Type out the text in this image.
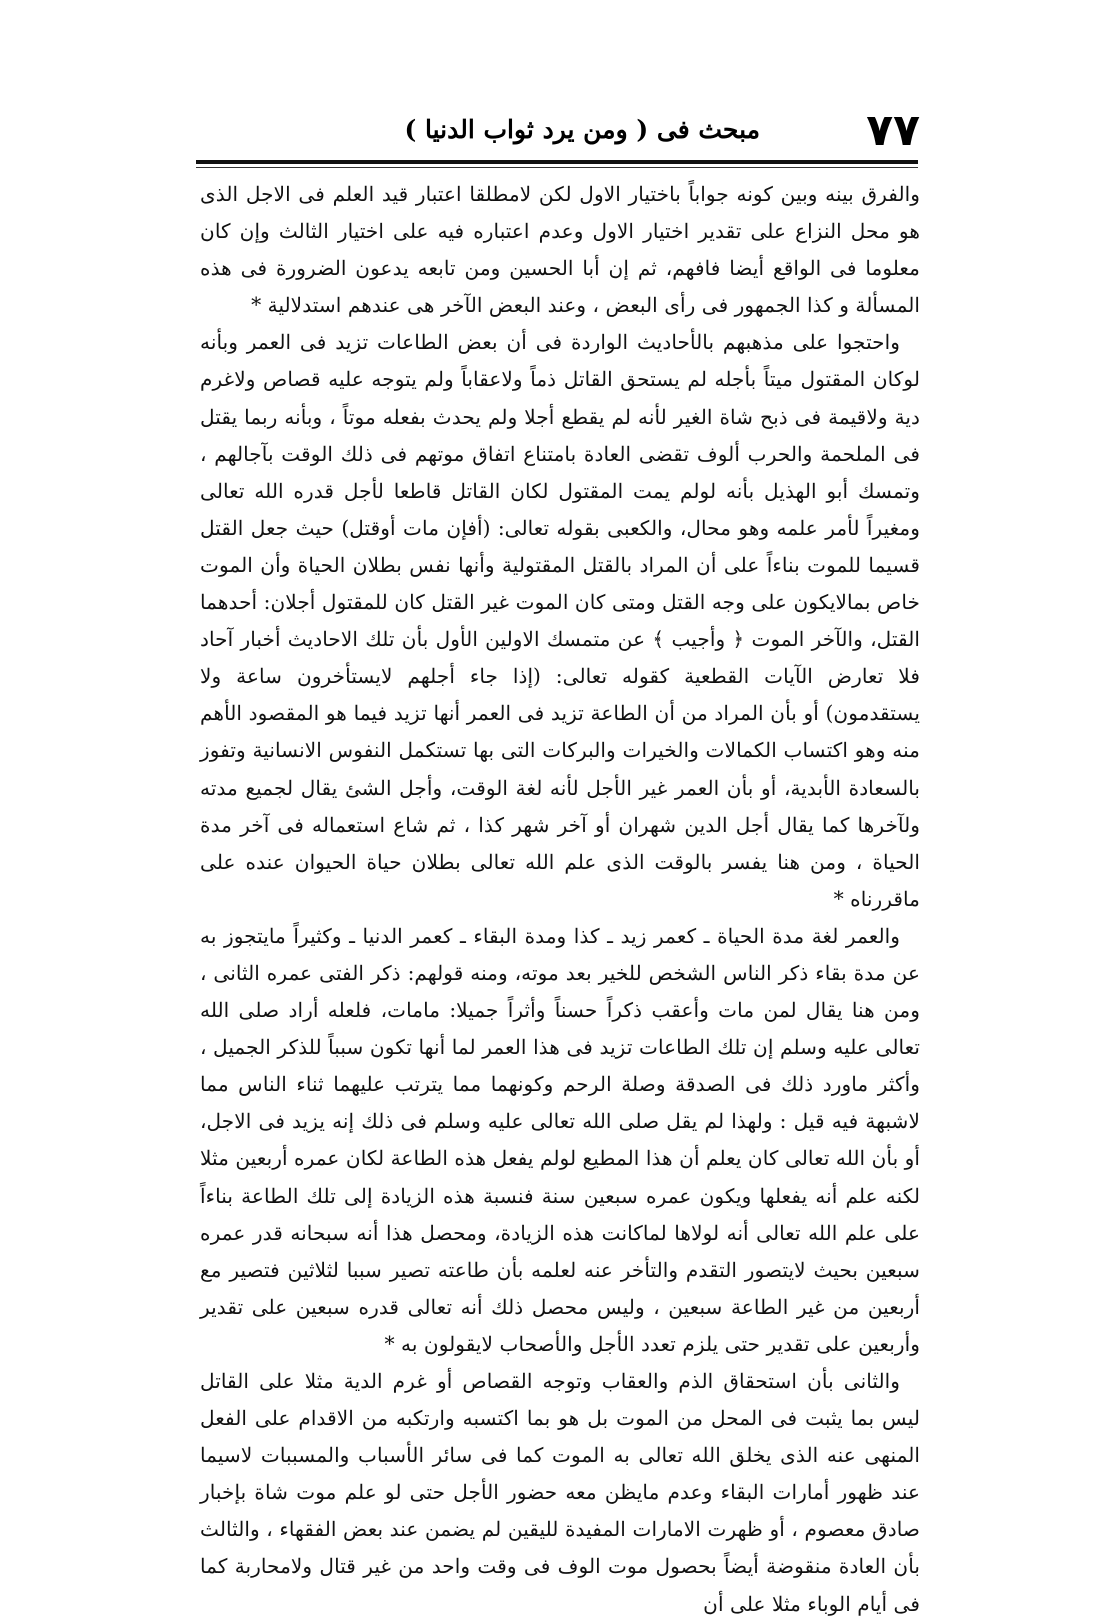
٧٧
مبحث فى ( ومن يرد ثواب الدنيا )

والفرق بينه وبين كونه جواباً باختيار الاول لكن لامطلقا اعتبار قيد العلم فى الاجل الذى هو محل النزاع على تقدير اختيار الاول وعدم اعتباره فيه على اختيار الثالث وإن كان معلوما فى الواقع أيضا فافهم، ثم إن أبا الحسين ومن تابعه يدعون الضرورة فى هذه المسألة و كذا الجمهور فى رأى البعض ، وعند البعض الآخر هى عندهم استدلالية *

واحتجوا على مذهبهم بالأحاديث الواردة فى أن بعض الطاعات تزيد فى العمر وبأنه لوكان المقتول ميتاً بأجله لم يستحق القاتل ذماً ولاعقاباً ولم يتوجه عليه قصاص ولاغرم دية ولاقيمة فى ذبح شاة الغير لأنه لم يقطع أجلا ولم يحدث بفعله موتاً ، وبأنه ربما يقتل فى الملحمة والحرب ألوف تقضى العادة بامتناع اتفاق موتهم فى ذلك الوقت بآجالهم ، وتمسك أبو الهذيل بأنه لولم يمت المقتول لكان القاتل قاطعا لأجل قدره الله تعالى ومغيراً لأمر علمه وهو محال، والكعبى بقوله تعالى: (أفإن مات أوقتل) حيث جعل القتل قسيما للموت بناءاً على أن المراد بالقتل المقتولية وأنها نفس بطلان الحياة وأن الموت خاص بمالايكون على وجه القتل ومتى كان الموت غير القتل كان للمقتول أجلان: أحدهما القتل، والآخر الموت ﴿ وأجيب ﴾ عن متمسك الاولين الأول بأن تلك الاحاديث أخبار آحاد فلا تعارض الآيات القطعية كقوله تعالى: (إذا جاء أجلهم لايستأخرون ساعة ولا يستقدمون) أو بأن المراد من أن الطاعة تزيد فى العمر أنها تزيد فيما هو المقصود الأهم منه وهو اكتساب الكمالات والخيرات والبركات التى بها تستكمل النفوس الانسانية وتفوز بالسعادة الأبدية، أو بأن العمر غير الأجل لأنه لغة الوقت، وأجل الشئ يقال لجميع مدته ولآخرها كما يقال أجل الدين شهران أو آخر شهر كذا ، ثم شاع استعماله فى آخر مدة الحياة ، ومن هنا يفسر بالوقت الذى علم الله تعالى بطلان حياة الحيوان عنده على ماقررناه *

والعمر لغة مدة الحياة ـ كعمر زيد ـ كذا ومدة البقاء ـ كعمر الدنيا ـ وكثيراً مايتجوز به عن مدة بقاء ذكر الناس الشخص للخير بعد موته، ومنه قولهم: ذكر الفتى عمره الثانى ، ومن هنا يقال لمن مات وأعقب ذكراً حسناً وأثراً جميلا: مامات، فلعله أراد صلى الله تعالى عليه وسلم إن تلك الطاعات تزيد فى هذا العمر لما أنها تكون سبباً للذكر الجميل ، وأكثر ماورد ذلك فى الصدقة وصلة الرحم وكونهما مما يترتب عليهما ثناء الناس مما لاشبهة فيه قيل : ولهذا لم يقل صلى الله تعالى عليه وسلم فى ذلك إنه يزيد فى الاجل، أو بأن الله تعالى كان يعلم أن هذا المطيع لولم يفعل هذه الطاعة لكان عمره أربعين مثلا لكنه علم أنه يفعلها ويكون عمره سبعين سنة فنسبة هذه الزيادة إلى تلك الطاعة بناءاً على علم الله تعالى أنه لولاها لماكانت هذه الزيادة، ومحصل هذا أنه سبحانه قدر عمره سبعين بحيث لايتصور التقدم والتأخر عنه لعلمه بأن طاعته تصير سببا لثلاثين فتصير مع أربعين من غير الطاعة سبعين ، وليس محصل ذلك أنه تعالى قدره سبعين على تقدير وأربعين على تقدير حتى يلزم تعدد الأجل والأصحاب لايقولون به *

والثانى بأن استحقاق الذم والعقاب وتوجه القصاص أو غرم الدية مثلا على القاتل ليس بما يثبت فى المحل من الموت بل هو بما اكتسبه وارتكبه من الاقدام على الفعل المنهى عنه الذى يخلق الله تعالى به الموت كما فى سائر الأسباب والمسببات لاسيما عند ظهور أمارات البقاء وعدم مايظن معه حضور الأجل حتى لو علم موت شاة بإخبار صادق معصوم ، أو ظهرت الامارات المفيدة لليقين لم يضمن عند بعض الفقهاء ، والثالث بأن العادة منقوضة أيضاً بحصول موت الوف فى وقت واحد من غير قتال ولامحاربة كما فى أيام الوباء مثلا على أن
